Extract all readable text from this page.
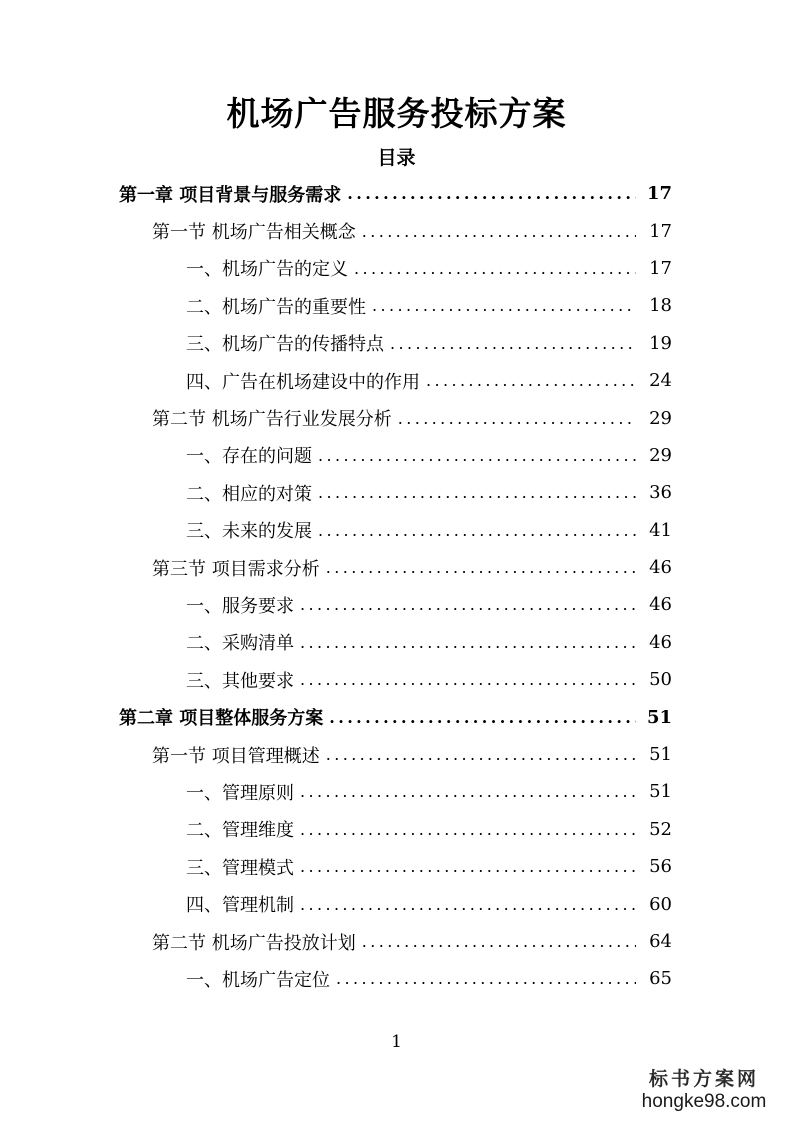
机场广告服务投标方案
目录
第一章 项目背景与服务需求 .....	17
第一节 机场广告相关概念 .....	17
一、机场广告的定义 .....	17
二、机场广告的重要性 .....	18
三、机场广告的传播特点 .....	19
四、广告在机场建设中的作用 .....	24
第二节 机场广告行业发展分析 .....	29
一、存在的问题 .....	29
二、相应的对策 .....	36
三、未来的发展 .....	41
第三节 项目需求分析 .....	46
一、服务要求 .....	46
二、采购清单 .....	46
三、其他要求 .....	50
第二章 项目整体服务方案 .....	51
第一节 项目管理概述 .....	51
一、管理原则 .....	51
二、管理维度 .....	52
三、管理模式 .....	56
四、管理机制 .....	60
第二节 机场广告投放计划 .....	64
一、机场广告定位 .....	65
1
标书方案网
hongke98.com
